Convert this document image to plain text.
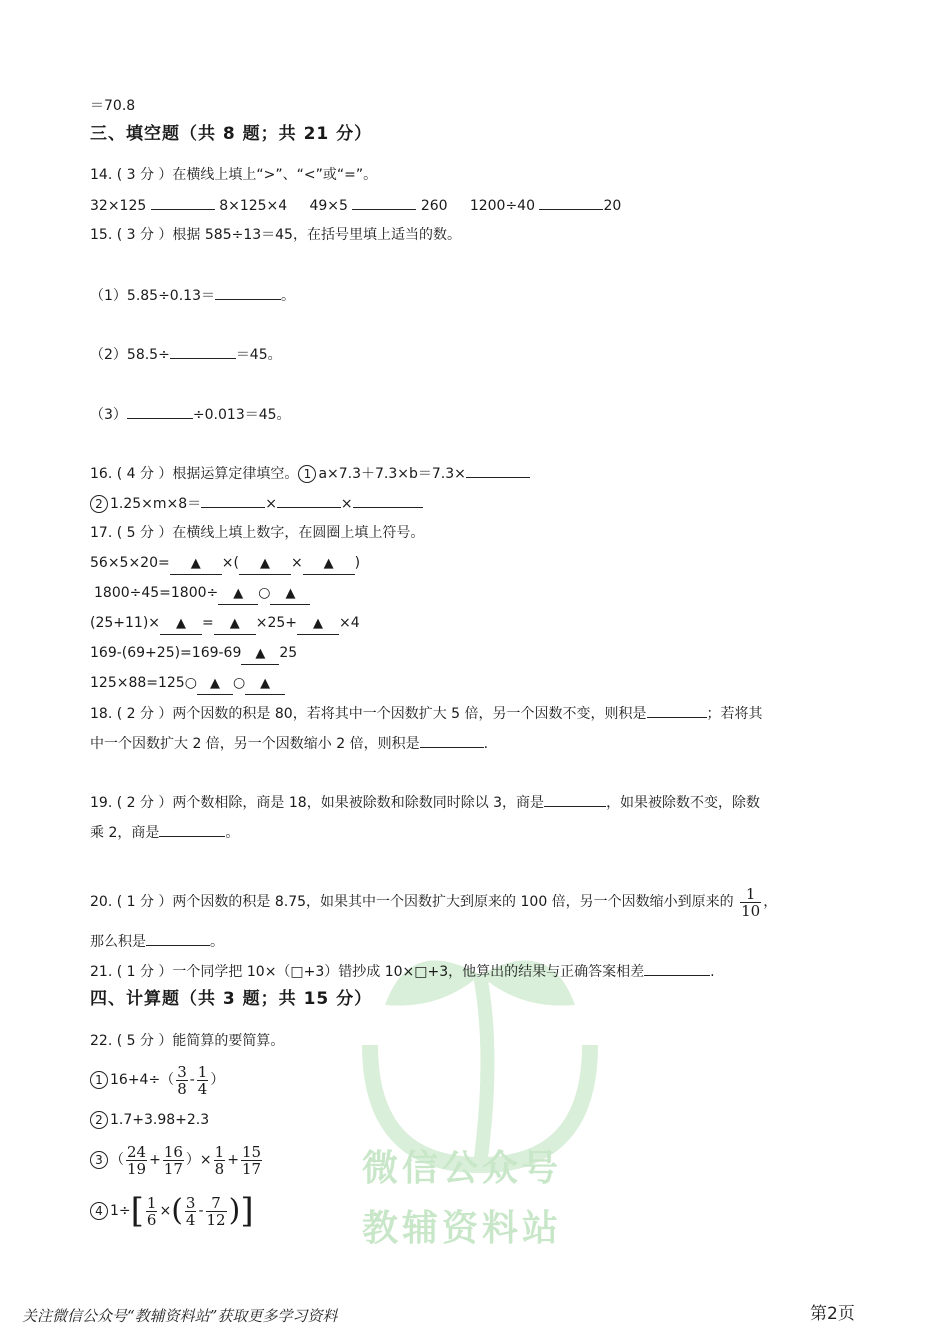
微信公众号
教辅资料站
＝70.8
三、填空题（共 8 题；共 21 分）
14. ( 3 分 ）在横线上填上“>”、“<”或“=”。
32×125	8×125×4 49×5	260 1200÷40	20
15. ( 3 分 ）根据 585÷13＝45，在括号里填上适当的数。
（1）5.85÷0.13＝	。
（2）58.5÷	＝45。
（3）	÷0.013＝45。
16. ( 4 分 ）根据运算定律填空。 1 a×7.3＋7.3×b＝7.3×
2 1.25×m×8＝	×	×
17. ( 5 分 ）在横线上填上数字，在圆圈上填上符号。
56×5×20= ▲ ×( ▲ × ▲ )
1800÷45=1800÷ ▲ ○ ▲
(25+11)× ▲ = ▲ ×25+ ▲ ×4
169-(69+25)=169-69 ▲ 25
125×88=125○ ▲ ○ ▲
18. ( 2 分 ）两个因数的积是 80，若将其中一个因数扩大 5 倍，另一个因数不变，则积是	；若将其
中一个因数扩大 2 倍，另一个因数缩小 2 倍，则积是	.
19. ( 2 分 ）两个数相除，商是 18，如果被除数和除数同时除以 3，商是	，如果被除数不变，除数
乘 2，商是	。
20. ( 1 分 ）两个因数的积是 8.75，如果其中一个因数扩大到原来的 100 倍，另一个因数缩小到原来的 $\frac{1}{10}$ ，
那么积是	。
21. ( 1 分 ）一个同学把 10×（□+3）错抄成 10×□+3，他算出的结果与正确答案相差	.
四、计算题（共 3 题；共 15 分）
22. ( 5 分 ）能简算的要简算。
1 $16+4\div( \frac{3}{8} - \frac{1}{4}$ ）
2 1.7+3.98+2.3
3 （ $\frac{24}{19} + \frac{16}{17}$ ）× $\frac{1}{8} + \frac{15}{17}$
4 $1\div[ \frac{1}{6}$ ×( $\frac{3}{4} - \frac{7}{12}$ )]
关注微信公众号“教辅资料站”获取更多学习资料	第2页
